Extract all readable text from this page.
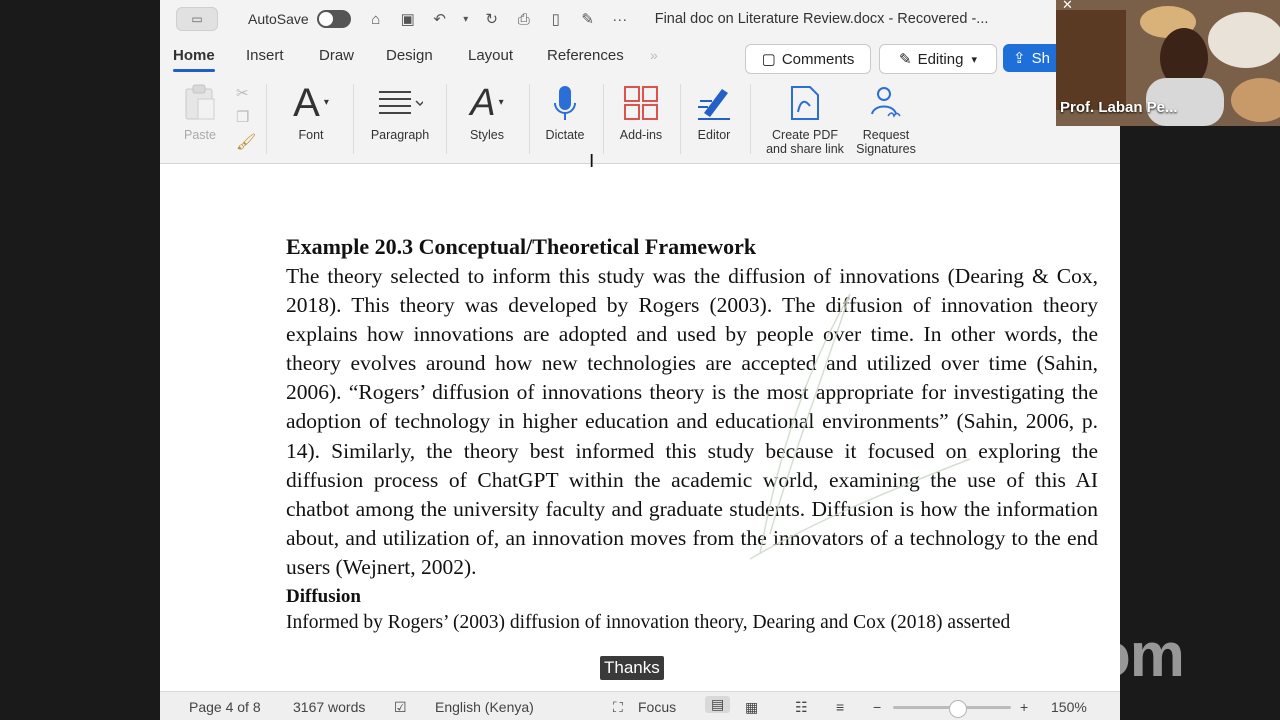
▭	AutoSave	⌂	▣	↶	▾	↻	⎙	▯	✎	··· Final doc on Literature Review.docx - Recovered -...
Home Insert Draw Design Layout References »	▢ Comments	✎ Editing ▾ ⇪ Sh
Paste
✂
❐
🖌
A ▾
Font	Paragraph
A ▾
Styles	Dictate	Add-ins	Editor	Create PDF
and share link
Request
Signatures
Example 20.3 Conceptual/Theoretical Framework
The theory selected to inform this study was the diffusion of innovations (Dearing & Cox, 2018). This theory was developed by Rogers (2003). The diffusion of innovation theory explains how innovations are adopted and used by people over time. In other words, the theory evolves around how new technologies are accepted and utilized over time (Sahin, 2006). “Rogers’ diffusion of innovations theory is the most appropriate for investigating the adoption of technology in higher education and educational environments” (Sahin, 2006, p. 14). Similarly, the theory best informed this study because it focused on exploring the diffusion process of ChatGPT within the academic world, examining the use of this AI chatbot among the university faculty and graduate students. Diffusion is how the information about, and utilization of, an innovation moves from the innovators of a technology to the end users (Wejnert, 2002).
Diffusion
Informed by Rogers’ (2003) diffusion of innovation theory, Dearing and Cox (2018) asserted
Page 4 of 8 3167 words ☑ English (Kenya)	⛶ Focus	▤	▦	☷ ≡ −	+ 150%
✕
Prof. Laban Pe...
Thanks	zoom
I
